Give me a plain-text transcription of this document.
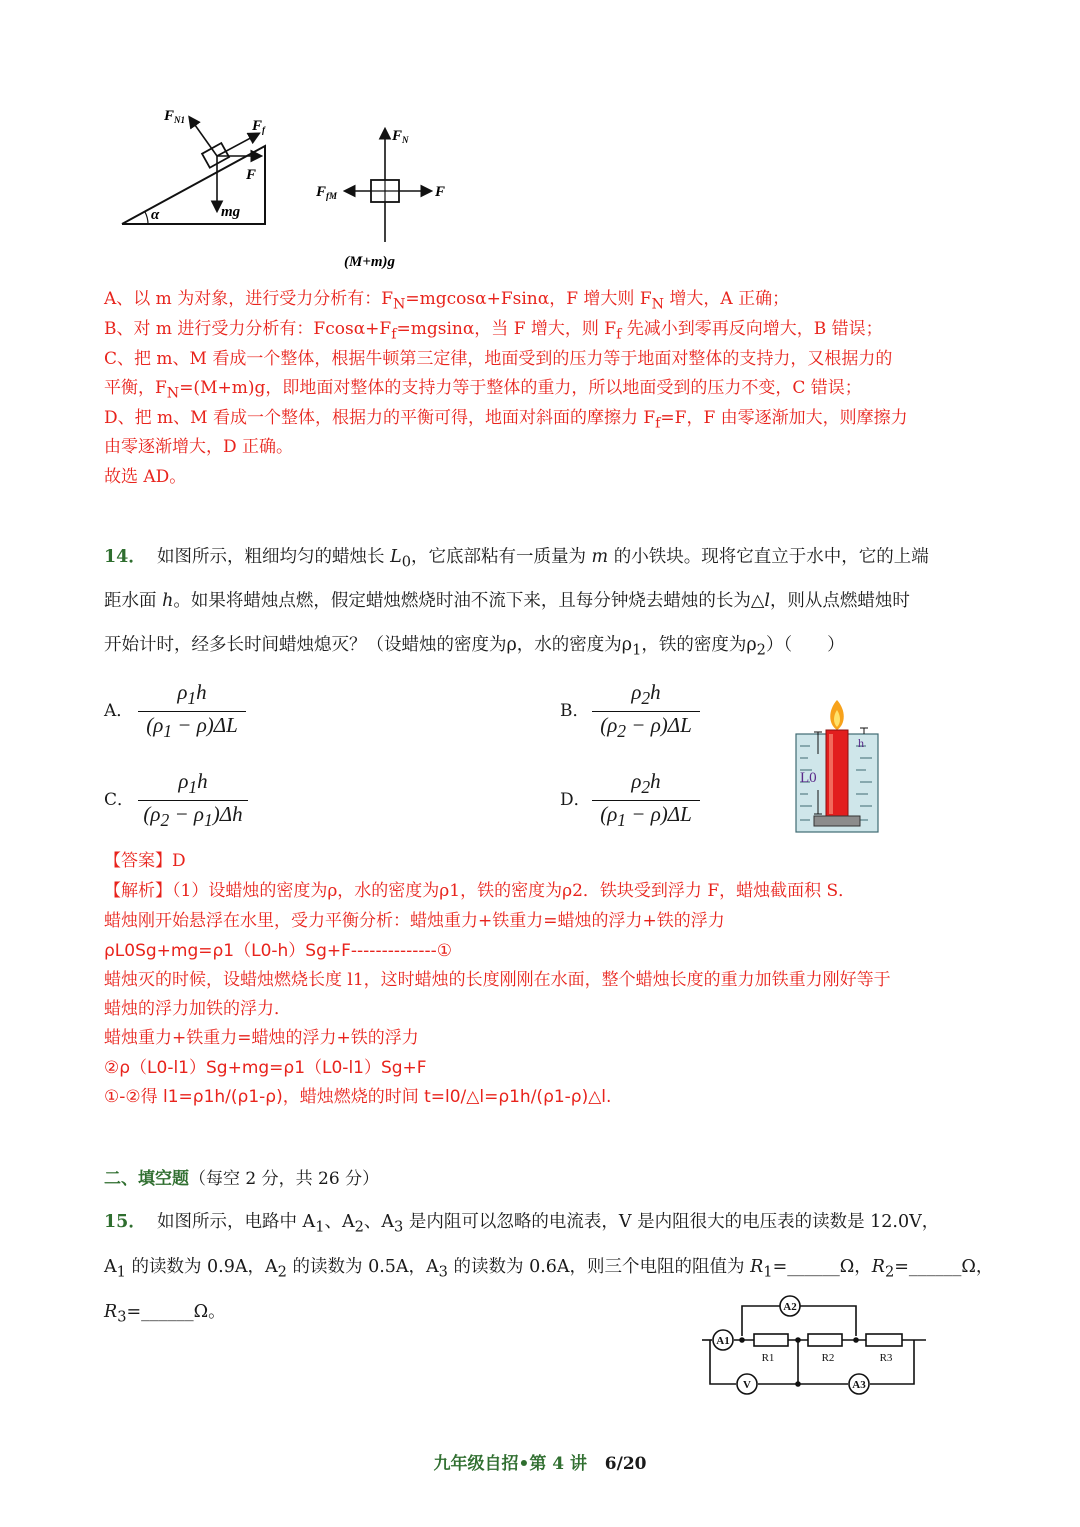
$F_{N1}$	$F_f$
F
mg
α
$F_N$
$F_{fM}$	F
(M+m)g
A、以 m 为对象，进行受力分析有：$F_N=mgcos\alpha+Fsin\alpha$，F 增大则 $F_N$ 增大，A 正确；
B、对 m 进行受力分析有：$Fcos\alpha+F_f=mgsin\alpha$，当 F 增大，则 $F_f$ 先减小到零再反向增大，B 错误；
C、把 m、M 看成一个整体，根据牛顿第三定律，地面受到的压力等于地面对整体的支持力，又根据力的
平衡，$F_N=(M+m)g$，即地面对整体的支持力等于整体的重力，所以地面受到的压力不变，C 错误；
D、把 m、M 看成一个整体，根据力的平衡可得，地面对斜面的摩擦力 $F_f=F$，F 由零逐渐加大，则摩擦力
由零逐渐增大，D 正确。
故选 AD。
14． 如图所示，粗细均匀的蜡烛长 $L_0$，它底部粘有一质量为 m 的小铁块。现将它直立于水中，它的上端
距水面 h。如果将蜡烛点燃，假定蜡烛燃烧时油不流下来，且每分钟烧去蜡烛的长为△l，则从点燃蜡烛时
开始计时，经多长时间蜡烛熄灭？（设蜡烛的密度为ρ，水的密度为$\rho_1$，铁的密度为$\rho_2$）（　　）
A． $\frac{\rho_1h}{(\rho_1 - \rho)\Delta L}$	B． $\frac{\rho_2h}{(\rho_2 - \rho)\Delta L}$
C． $\frac{\rho_1h}{(\rho_2 - \rho_1)\Delta h}$	D． $\frac{\rho_2h}{(\rho_1 - \rho)\Delta L}$
h
L0
【答案】D
【解析】（1）设蜡烛的密度为ρ，水的密度为ρ1，铁的密度为ρ2．铁块受到浮力 F，蜡烛截面积 S．
蜡烛刚开始悬浮在水里，受力平衡分析：蜡烛重力+铁重力=蜡烛的浮力+铁的浮力
ρL0Sg+mg=ρ1（L0-h）Sg+F--------------①
蜡烛灭的时候，设蜡烛燃烧长度 l1，这时蜡烛的长度刚刚在水面，整个蜡烛长度的重力加铁重力刚好等于
蜡烛的浮力加铁的浮力．
蜡烛重力+铁重力=蜡烛的浮力+铁的浮力
②ρ（L0-l1）Sg+mg=ρ1（L0-l1）Sg+F
①-②得 l1=ρ1h/(ρ1-ρ)，蜡烛燃烧的时间 t=l0/△l=ρ1h/(ρ1-ρ)△l.
二、填空题（每空 2 分，共 26 分）
15． 如图所示，电路中 $A_1$、$A_2$、$A_3$ 是内阻可以忽略的电流表，V 是内阻很大的电压表的读数是 12.0V，
$A_1$ 的读数为 0.9A，$A_2$ 的读数为 0.5A，$A_3$ 的读数为 0.6A，则三个电阻的阻值为 $R_1=\_\_\_\_\_\_\Omega$，$R_2=\_\_\_\_\_\_\Omega$，
$R_3=\_\_\_\_\_\_\Omega$。
A1
A2
V	A3
R1	R2	R3
九年级自招•第 4 讲 6/20
